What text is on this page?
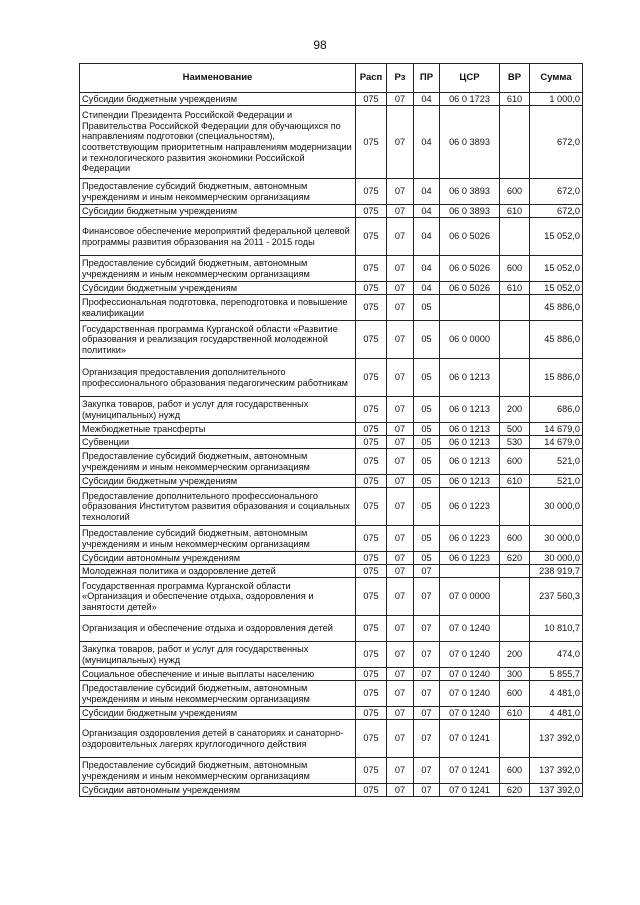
98
Наименование	Расп	Рз	ПР	ЦСР	ВР	Сумма
Субсидии бюджетным учреждениям	075	07	04	06 0 1723	610	1 000,0
Стипендии Президента Российской Федерации и Правительства Российской Федерации для обучающихся по направлениям подготовки (специальностям), соответствующим приоритетным направлениям модернизации и технологического развития экономики Российской Федерации	075	07	04	06 0 3893		672,0
Предоставление субсидий бюджетным, автономным учреждениям и иным некоммерческим организациям	075	07	04	06 0 3893	600	672,0
Субсидии бюджетным учреждениям	075	07	04	06 0 3893	610	672,0
Финансовое обеспечение мероприятий федеральной целевой программы развития образования на 2011 - 2015 годы	075	07	04	06 0 5026		15 052,0
Предоставление субсидий бюджетным, автономным учреждениям и иным некоммерческим организациям	075	07	04	06 0 5026	600	15 052,0
Субсидии бюджетным учреждениям	075	07	04	06 0 5026	610	15 052,0
Профессиональная подготовка, переподготовка и повышение квалификации	075	07	05			45 886,0
Государственная программа Курганской области «Развитие образования и реализация государственной молодежной политики»	075	07	05	06 0 0000		45 886,0
Организация предоставления дополнительного профессионального образования педагогическим работникам	075	07	05	06 0 1213		15 886,0
Закупка товаров, работ и услуг для государственных (муниципальных) нужд	075	07	05	06 0 1213	200	686,0
Межбюджетные трансферты	075	07	05	06 0 1213	500	14 679,0
Субвенции	075	07	05	06 0 1213	530	14 679,0
Предоставление субсидий бюджетным, автономным учреждениям и иным некоммерческим организациям	075	07	05	06 0 1213	600	521,0
Субсидии бюджетным учреждениям	075	07	05	06 0 1213	610	521,0
Предоставление дополнительного профессионального образования Институтом развития образования и социальных технологий	075	07	05	06 0 1223		30 000,0
Предоставление субсидий бюджетным, автономным учреждениям и иным некоммерческим организациям	075	07	05	06 0 1223	600	30 000,0
Субсидии автономным учреждениям	075	07	05	06 0 1223	620	30 000,0
Молодежная политика и оздоровление детей	075	07	07			238 919,7
Государственная программа Курганской области «Организация и обеспечение отдыха, оздоровления и занятости детей»	075	07	07	07 0 0000		237 560,3
Организация и обеспечение отдыха и оздоровления детей	075	07	07	07 0 1240		10 810,7
Закупка товаров, работ и услуг для государственных (муниципальных) нужд	075	07	07	07 0 1240	200	474,0
Социальное обеспечение и иные выплаты населению	075	07	07	07 0 1240	300	5 855,7
Предоставление субсидий бюджетным, автономным учреждениям и иным некоммерческим организациям	075	07	07	07 0 1240	600	4 481,0
Субсидии бюджетным учреждениям	075	07	07	07 0 1240	610	4 481,0
Организация оздоровления детей в санаториях и санаторно-оздоровительных лагерях круглогодичного действия	075	07	07	07 0 1241		137 392,0
Предоставление субсидий бюджетным, автономным учреждениям и иным некоммерческим организациям	075	07	07	07 0 1241	600	137 392,0
Субсидии автономным учреждениям	075	07	07	07 0 1241	620	137 392,0
